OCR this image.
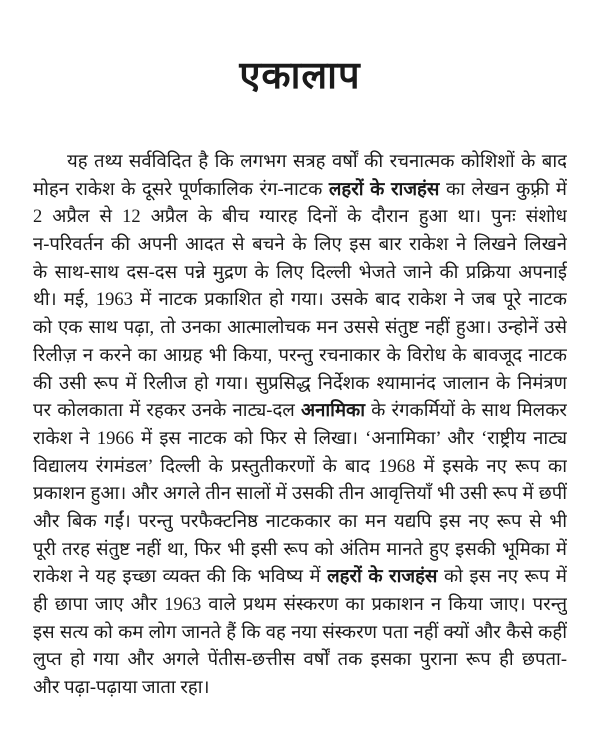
एकालाप
यह तथ्य सर्वविदित है कि लगभग सत्रह वर्षों की रचनात्मक कोशिशों के बाद
मोहन राकेश के दूसरे पूर्णकालिक रंग-नाटक लहरों के राजहंस का लेखन कुफ़्री में
2 अप्रैल से 12 अप्रैल के बीच ग्यारह दिनों के दौरान हुआ था। पुनः संशोध
न-परिवर्तन की अपनी आदत से बचने के लिए इस बार राकेश ने लिखने लिखने
के साथ-साथ दस-दस पन्ने मुद्रण के लिए दिल्ली भेजते जाने की प्रक्रिया अपनाई
थी। मई, 1963 में नाटक प्रकाशित हो गया। उसके बाद राकेश ने जब पूरे नाटक
को एक साथ पढ़ा, तो उनका आत्मालोचक मन उससे संतुष्ट नहीं हुआ। उन्होनें उसे
रिलीज़ न करने का आग्रह भी किया, परन्तु रचनाकार के विरोध के बावजूद नाटक
की उसी रूप में रिलीज हो गया। सुप्रसिद्ध निर्देशक श्यामानंद जालान के निमंत्रण
पर कोलकाता में रहकर उनके नाट्य-दल अनामिका के रंगकर्मियों के साथ मिलकर
राकेश ने 1966 में इस नाटक को फिर से लिखा। ‘अनामिका’ और ‘राष्ट्रीय नाट्य
विद्यालय रंगमंडल’ दिल्ली के प्रस्तुतीकरणों के बाद 1968 में इसके नए रूप का
प्रकाशन हुआ। और अगले तीन सालों में उसकी तीन आवृत्तियाँ भी उसी रूप में छपीं
और बिक गईं। परन्तु परफैक्टनिष्ठ नाटककार का मन यद्यपि इस नए रूप से भी
पूरी तरह संतुष्ट नहीं था, फिर भी इसी रूप को अंतिम मानते हुए इसकी भूमिका में
राकेश ने यह इच्छा व्यक्त की कि भविष्य में लहरों के राजहंस को इस नए रूप में
ही छापा जाए और 1963 वाले प्रथम संस्करण का प्रकाशन न किया जाए। परन्तु
इस सत्य को कम लोग जानते हैं कि वह नया संस्करण पता नहीं क्यों और कैसे कहीं
लुप्त हो गया और अगले पेंतीस-छत्तीस वर्षों तक इसका पुराना रूप ही छपता-
और पढ़ा-पढ़ाया जाता रहा।
